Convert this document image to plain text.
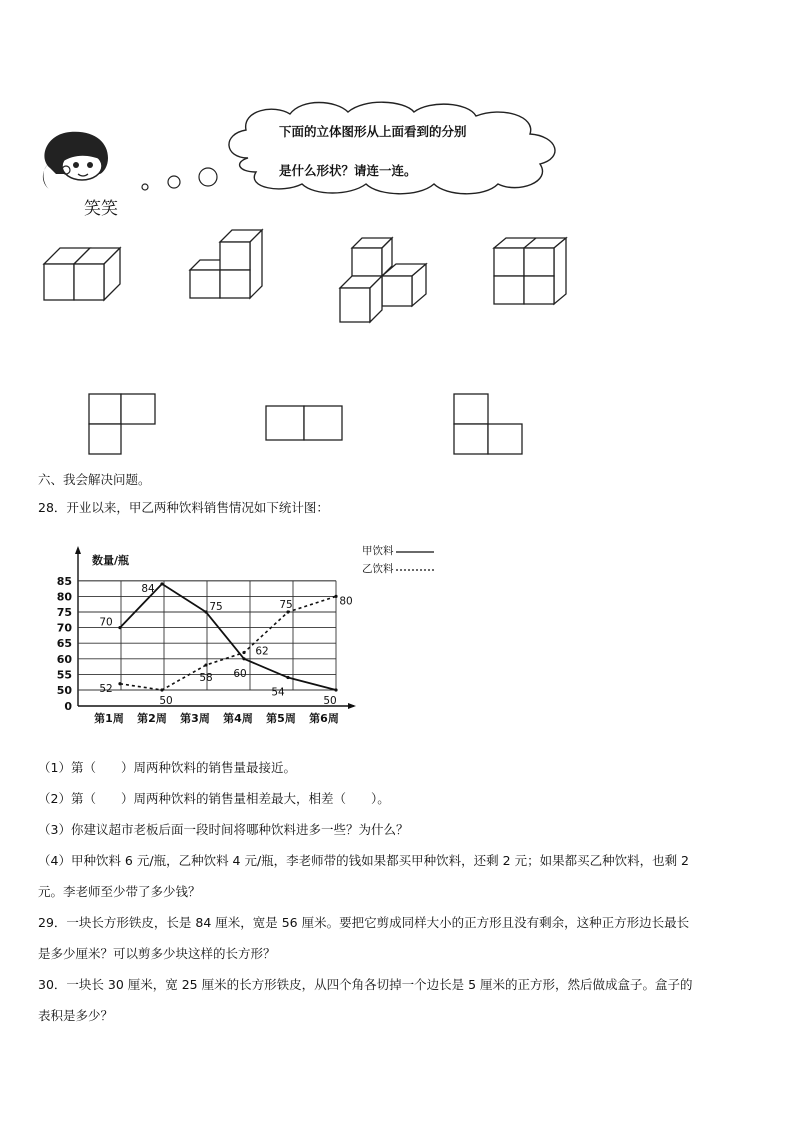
笑笑
下面的立体图形从上面看到的分别
是什么形状？请连一连。
六、我会解决问题。
28．开业以来，甲乙两种饮料销售情况如下统计图：
0
50
55
60
65
70
75
80
85
数量/瓶
第1周 第2周 第3周 第4周 第5周 第6周
70
84
75
60
54
50
52
50
58
62
75	80
甲饮料
乙饮料
（1）第（　　）周两种饮料的销售量最接近。
（2）第（　　）周两种饮料的销售量相差最大，相差（　　）。
（3）你建议超市老板后面一段时间将哪种饮料进多一些？为什么？
（4）甲种饮料 6 元/瓶，乙种饮料 4 元/瓶，李老师带的钱如果都买甲种饮料，还剩 2 元；如果都买乙种饮料，也剩 2
元。李老师至少带了多少钱？
29．一块长方形铁皮，长是 84 厘米，宽是 56 厘米。要把它剪成同样大小的正方形且没有剩余，这种正方形边长最长
是多少厘米？可以剪多少块这样的长方形？
30．一块长 30 厘米，宽 25 厘米的长方形铁皮，从四个角各切掉一个边长是 5 厘米的正方形，然后做成盒子。盒子的
表积是多少？
